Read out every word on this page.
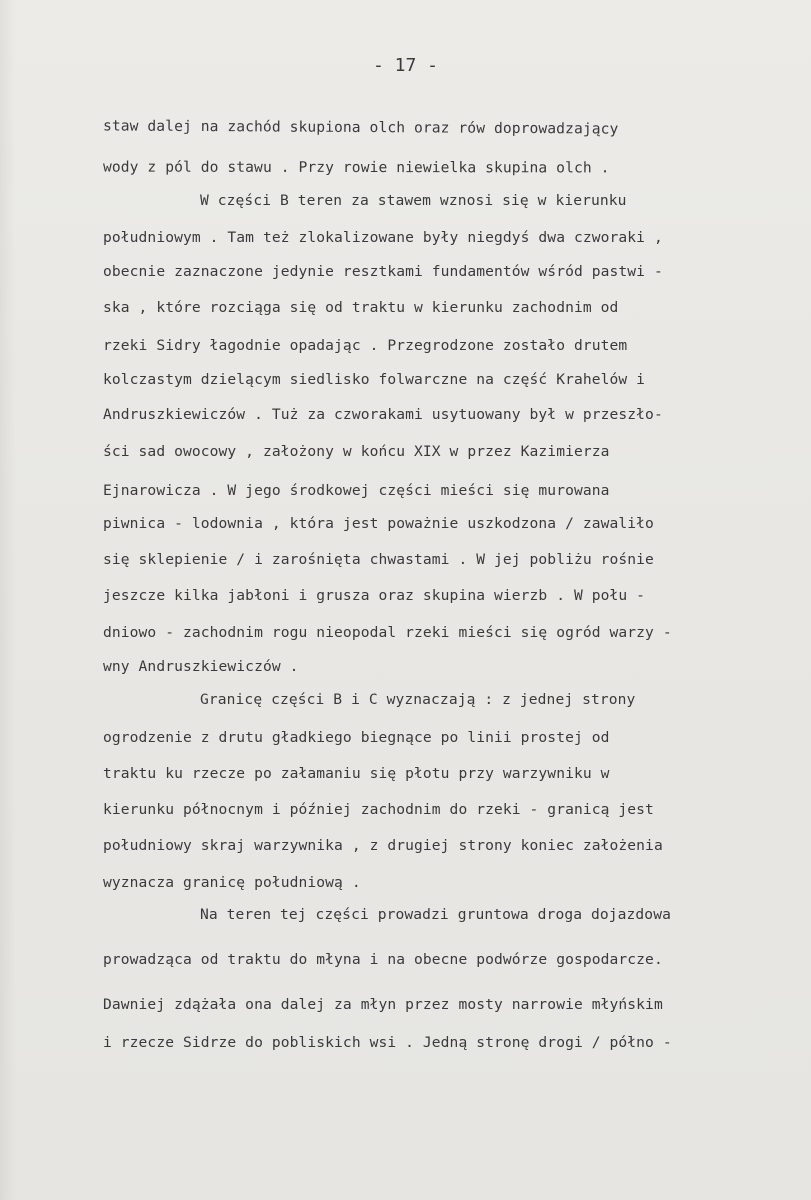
- 17 -
staw dalej na zachód skupiona olch oraz rów doprowadzający
wody z pól do stawu . Przy rowie niewielka skupina olch .
W części B teren za stawem wznosi się w kierunku
południowym . Tam też zlokalizowane były niegdyś dwa czworaki ,
obecnie zaznaczone jedynie resztkami fundamentów wśród pastwi -
ska , które rozciąga się od traktu w kierunku zachodnim od
rzeki Sidry łagodnie opadając . Przegrodzone zostało drutem
kolczastym dzielącym siedlisko folwarczne na część Krahelów i
Andruszkiewiczów . Tuż za czworakami usytuowany był w przeszło-
ści sad owocowy , założony w końcu XIX w przez Kazimierza
Ejnarowicza . W jego środkowej części mieści się murowana
piwnica - lodownia , która jest poważnie uszkodzona / zawaliło
się sklepienie / i zarośnięta chwastami . W jej pobliżu rośnie
jeszcze kilka jabłoni i grusza oraz skupina wierzb . W połu -
dniowo - zachodnim rogu nieopodal rzeki mieści się ogród warzy -
wny Andruszkiewiczów .
Granicę części B i C wyznaczają : z jednej strony
ogrodzenie z drutu gładkiego biegnące po linii prostej od
traktu ku rzecze po załamaniu się płotu przy warzywniku w
kierunku północnym i później zachodnim do rzeki - granicą jest
południowy skraj warzywnika , z drugiej strony koniec założenia
wyznacza granicę południową .
Na teren tej części prowadzi gruntowa droga dojazdowa
prowadząca od traktu do młyna i na obecne podwórze gospodarcze.
Dawniej zdążała ona dalej za młyn przez mosty narrowie młyńskim
i rzecze Sidrze do pobliskich wsi . Jedną stronę drogi / półno -
